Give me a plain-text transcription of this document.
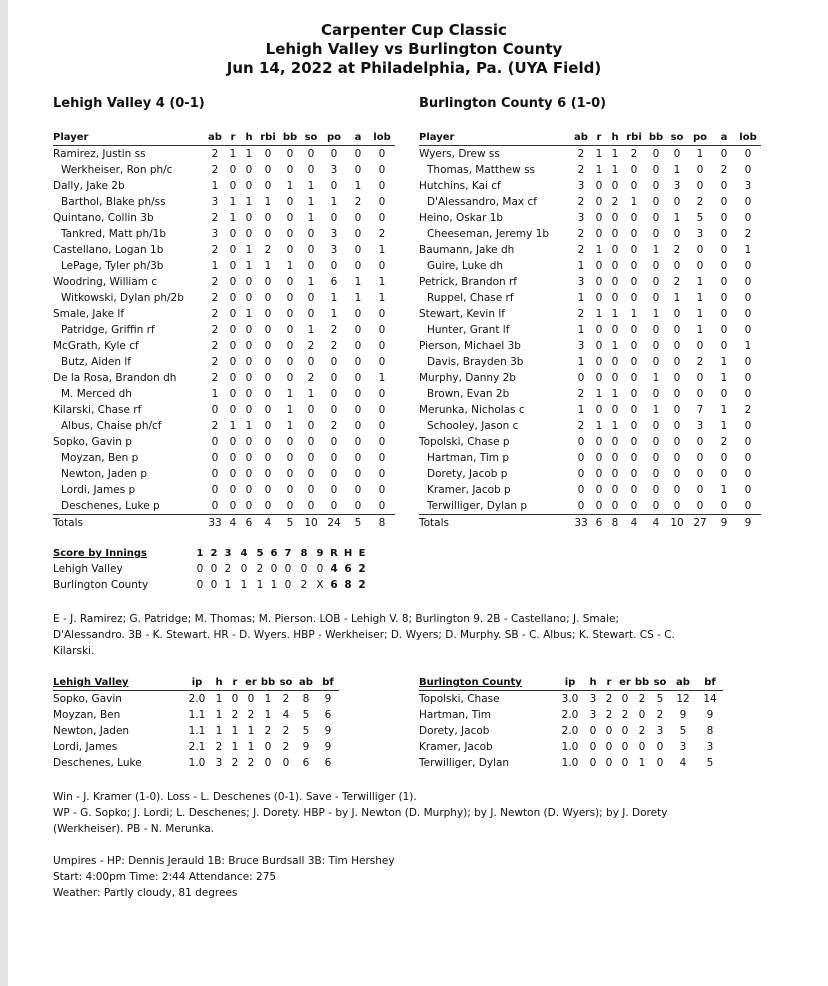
Carpenter Cup Classic
Lehigh Valley vs Burlington County
Jun 14, 2022 at Philadelphia, Pa. (UYA Field)
Lehigh Valley 4 (0-1)	Burlington County 6 (1-0)
Player	ab	r	h	rbi	bb	so	po	a	lob
Ramirez, Justin ss	2	1	1	0	0	0	0	0	0
Werkheiser, Ron ph/c	2	0	0	0	0	0	3	0	0
Dally, Jake 2b	1	0	0	0	1	1	0	1	0
Barthol, Blake ph/ss	3	1	1	1	0	1	1	2	0
Quintano, Collin 3b	2	1	0	0	0	1	0	0	0
Tankred, Matt ph/1b	3	0	0	0	0	0	3	0	2
Castellano, Logan 1b	2	0	1	2	0	0	3	0	1
LePage, Tyler ph/3b	1	0	1	1	1	0	0	0	0
Woodring, William c	2	0	0	0	0	1	6	1	1
Witkowski, Dylan ph/2b	2	0	0	0	0	0	1	1	1
Smale, Jake lf	2	0	1	0	0	0	1	0	0
Patridge, Griffin rf	2	0	0	0	0	1	2	0	0
McGrath, Kyle cf	2	0	0	0	0	2	2	0	0
Butz, Aiden lf	2	0	0	0	0	0	0	0	0
De la Rosa, Brandon dh	2	0	0	0	0	2	0	0	1
M. Merced dh	1	0	0	0	1	1	0	0	0
Kilarski, Chase rf	0	0	0	0	1	0	0	0	0
Albus, Chaise ph/cf	2	1	1	0	1	0	2	0	0
Sopko, Gavin p	0	0	0	0	0	0	0	0	0
Moyzan, Ben p	0	0	0	0	0	0	0	0	0
Newton, Jaden p	0	0	0	0	0	0	0	0	0
Lordi, James p	0	0	0	0	0	0	0	0	0
Deschenes, Luke p	0	0	0	0	0	0	0	0	0
Totals	33	4	6	4	5	10	24	5	8
Player	ab	r	h	rbi	bb	so	po	a	lob
Wyers, Drew ss	2	1	1	2	0	0	1	0	0
Thomas, Matthew ss	2	1	1	0	0	1	0	2	0
Hutchins, Kai cf	3	0	0	0	0	3	0	0	3
D'Alessandro, Max cf	2	0	2	1	0	0	2	0	0
Heino, Oskar 1b	3	0	0	0	0	1	5	0	0
Cheeseman, Jeremy 1b	2	0	0	0	0	0	3	0	2
Baumann, Jake dh	2	1	0	0	1	2	0	0	1
Guire, Luke dh	1	0	0	0	0	0	0	0	0
Petrick, Brandon rf	3	0	0	0	0	2	1	0	0
Ruppel, Chase rf	1	0	0	0	0	1	1	0	0
Stewart, Kevin lf	2	1	1	1	1	0	1	0	0
Hunter, Grant lf	1	0	0	0	0	0	1	0	0
Pierson, Michael 3b	3	0	1	0	0	0	0	0	1
Davis, Brayden 3b	1	0	0	0	0	0	2	1	0
Murphy, Danny 2b	0	0	0	0	1	0	0	1	0
Brown, Evan 2b	2	1	1	0	0	0	0	0	0
Merunka, Nicholas c	1	0	0	0	1	0	7	1	2
Schooley, Jason c	2	1	1	0	0	0	3	1	0
Topolski, Chase p	0	0	0	0	0	0	0	2	0
Hartman, Tim p	0	0	0	0	0	0	0	0	0
Dorety, Jacob p	0	0	0	0	0	0	0	0	0
Kramer, Jacob p	0	0	0	0	0	0	0	1	0
Terwilliger, Dylan p	0	0	0	0	0	0	0	0	0
Totals	33	6	8	4	4	10	27	9	9
Score by Innings	1	2	3	4	5	6	7	8	9	R	H	E
Lehigh Valley	0	0	2	0	2	0	0	0	0	4	6	2
Burlington County	0	0	1	1	1	1	0	2	X	6	8	2
E - J. Ramirez; G. Patridge; M. Thomas; M. Pierson. LOB - Lehigh V. 8; Burlington 9. 2B - Castellano; J. Smale; D'Alessandro. 3B - K. Stewart. HR - D. Wyers. HBP - Werkheiser; D. Wyers; D. Murphy. SB - C. Albus; K. Stewart. CS - C. Kilarski.
Lehigh Valley	ip	h	r	er	bb	so	ab	bf
Sopko, Gavin	2.0	1	0	0	1	2	8	9
Moyzan, Ben	1.1	1	2	2	1	4	5	6
Newton, Jaden	1.1	1	1	1	2	2	5	9
Lordi, James	2.1	2	1	1	0	2	9	9
Deschenes, Luke	1.0	3	2	2	0	0	6	6
Burlington County	ip	h	r	er	bb	so	ab	bf
Topolski, Chase	3.0	3	2	0	2	5	12	14
Hartman, Tim	2.0	3	2	2	0	2	9	9
Dorety, Jacob	2.0	0	0	0	2	3	5	8
Kramer, Jacob	1.0	0	0	0	0	0	3	3
Terwilliger, Dylan	1.0	0	0	0	1	0	4	5
Win - J. Kramer (1-0). Loss - L. Deschenes (0-1). Save - Terwilliger (1).
WP - G. Sopko; J. Lordi; L. Deschenes; J. Dorety. HBP - by J. Newton (D. Murphy); by J. Newton (D. Wyers); by J. Dorety (Werkheiser). PB - N. Merunka.
Umpires - HP: Dennis Jerauld 1B: Bruce Burdsall 3B: Tim Hershey
Start: 4:00pm Time: 2:44 Attendance: 275
Weather: Partly cloudy, 81 degrees
